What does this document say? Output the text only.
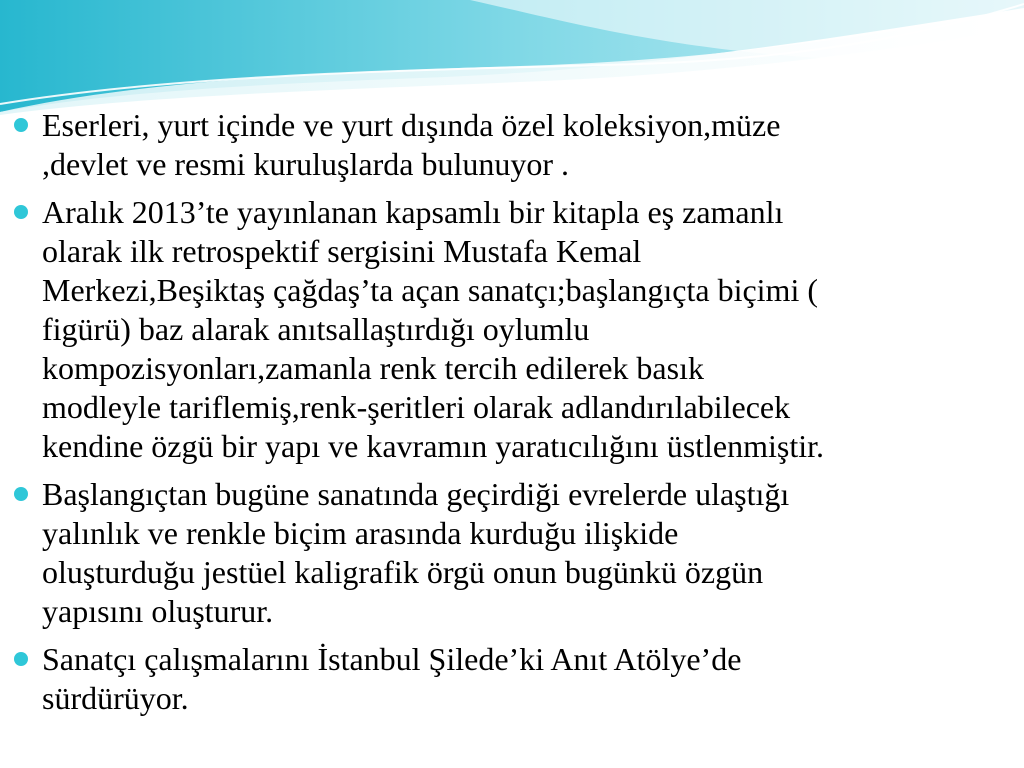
Eserleri, yurt içinde ve yurt dışında özel koleksiyon,müze
,devlet ve resmi kuruluşlarda bulunuyor .
Aralık 2013’te yayınlanan kapsamlı bir kitapla eş zamanlı
olarak ilk retrospektif sergisini Mustafa Kemal
Merkezi,Beşiktaş çağdaş’ta açan sanatçı;başlangıçta biçimi (
figürü) baz alarak anıtsallaştırdığı oylumlu
kompozisyonları,zamanla renk tercih edilerek basık
modleyle tariflemiş,renk-şeritleri olarak adlandırılabilecek
kendine özgü bir yapı ve kavramın yaratıcılığını üstlenmiştir.
Başlangıçtan bugüne sanatında geçirdiği evrelerde ulaştığı
yalınlık ve renkle biçim arasında kurduğu ilişkide
oluşturduğu jestüel kaligrafik örgü onun bugünkü özgün
yapısını oluşturur.
Sanatçı çalışmalarını İstanbul Şilede’ki Anıt Atölye’de
sürdürüyor.
